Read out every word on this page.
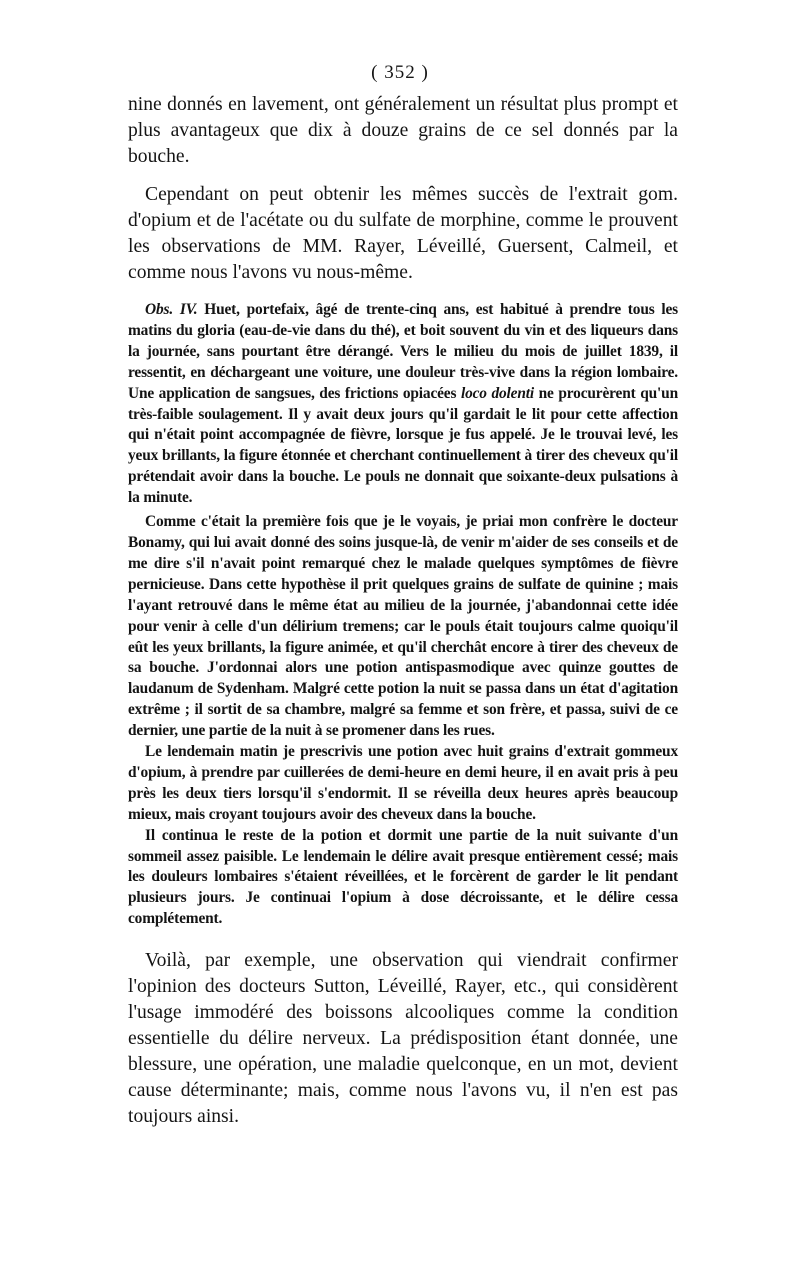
( 352 )

nine donnés en lavement, ont généralement un résultat plus prompt et plus avantageux que dix à douze grains de ce sel donnés par la bouche.

Cependant on peut obtenir les mêmes succès de l'extrait gom. d'opium et de l'acétate ou du sulfate de morphine, comme le prouvent les observations de MM. Rayer, Léveillé, Guersent, Calmeil, et comme nous l'avons vu nous-même.

Obs. IV. Huet, portefaix, âgé de trente-cinq ans, est habitué à prendre tous les matins du gloria (eau-de-vie dans du thé), et boit souvent du vin et des liqueurs dans la journée, sans pourtant être dérangé. Vers le milieu du mois de juillet 1839, il ressentit, en déchargeant une voiture, une douleur très-vive dans la région lombaire. Une application de sangsues, des frictions opiacées loco dolenti ne procurèrent qu'un très-faible soulagement. Il y avait deux jours qu'il gardait le lit pour cette affection qui n'était point accompagnée de fièvre, lorsque je fus appelé. Je le trouvai levé, les yeux brillants, la figure étonnée et cherchant continuellement à tirer des cheveux qu'il prétendait avoir dans la bouche. Le pouls ne donnait que soixante-deux pulsations à la minute.

Comme c'était la première fois que je le voyais, je priai mon confrère le docteur Bonamy, qui lui avait donné des soins jusque-là, de venir m'aider de ses conseils et de me dire s'il n'avait point remarqué chez le malade quelques symptômes de fièvre pernicieuse. Dans cette hypothèse il prit quelques grains de sulfate de quinine ; mais l'ayant retrouvé dans le même état au milieu de la journée, j'abandonnai cette idée pour venir à celle d'un délirium tremens; car le pouls était toujours calme quoiqu'il eût les yeux brillants, la figure animée, et qu'il cherchât encore à tirer des cheveux de sa bouche. J'ordonnai alors une potion antispasmodique avec quinze gouttes de laudanum de Sydenham. Malgré cette potion la nuit se passa dans un état d'agitation extrême ; il sortit de sa chambre, malgré sa femme et son frère, et passa, suivi de ce dernier, une partie de la nuit à se promener dans les rues.

Le lendemain matin je prescrivis une potion avec huit grains d'extrait gommeux d'opium, à prendre par cuillerées de demi-heure en demi heure, il en avait pris à peu près les deux tiers lorsqu'il s'endormit. Il se réveilla deux heures après beaucoup mieux, mais croyant toujours avoir des cheveux dans la bouche.

Il continua le reste de la potion et dormit une partie de la nuit suivante d'un sommeil assez paisible. Le lendemain le délire avait presque entièrement cessé; mais les douleurs lombaires s'étaient réveillées, et le forcèrent de garder le lit pendant plusieurs jours. Je continuai l'opium à dose décroissante, et le délire cessa complétement.

Voilà, par exemple, une observation qui viendrait confirmer l'opinion des docteurs Sutton, Léveillé, Rayer, etc., qui considèrent l'usage immodéré des boissons alcooliques comme la condition essentielle du délire nerveux. La prédisposition étant donnée, une blessure, une opération, une maladie quelconque, en un mot, devient cause déterminante; mais, comme nous l'avons vu, il n'en est pas toujours ainsi.
